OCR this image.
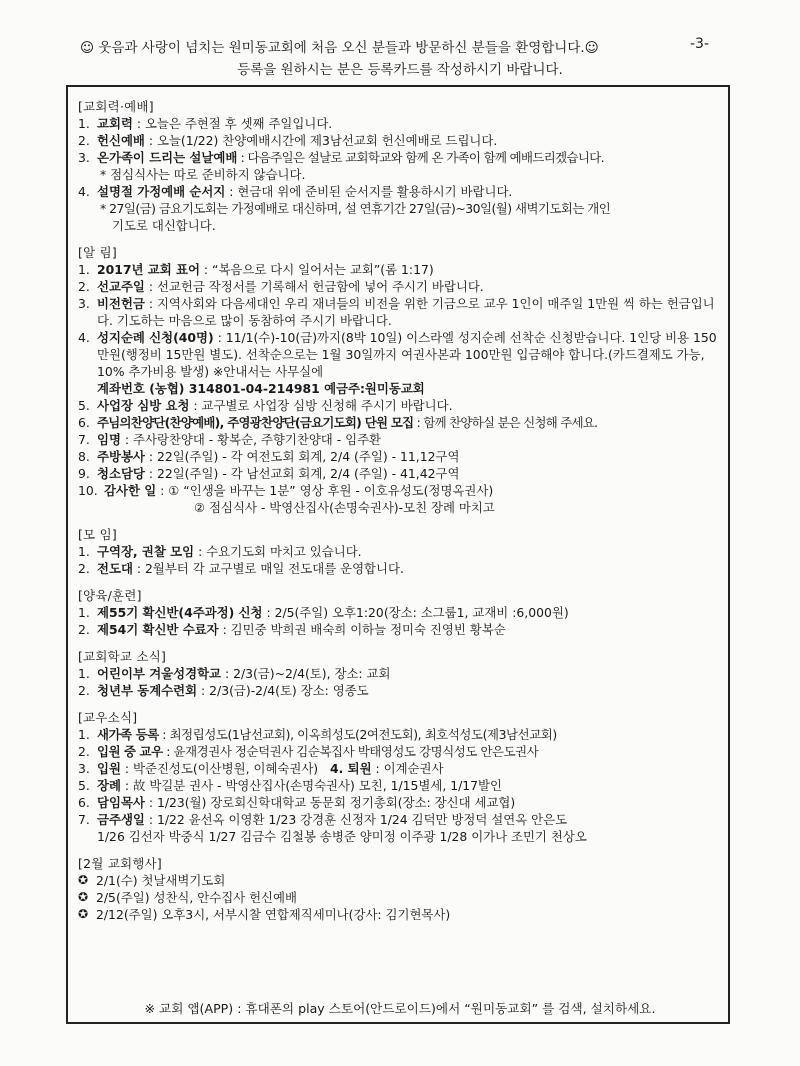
☺ 웃음과 사랑이 넘치는 원미동교회에 처음 오신 분들과 방문하신 분들을 환영합니다.☺	-3-
등록을 원하시는 분은 등록카드를 작성하시기 바랍니다.
[교회력·예배]
1. 교회력 : 오늘은 주현절 후 셋째 주일입니다.
2. 헌신예배 : 오늘(1/22) 찬양예배시간에 제3남선교회 헌신예배로 드립니다.
3. 온가족이 드리는 설날예배 : 다음주일은 설날로 교회학교와 함께 온 가족이 함께 예배드리겠습니다.
* 점심식사는 따로 준비하지 않습니다.
4. 설명절 가정예배 순서지 : 현금대 위에 준비된 순서지를 활용하시기 바랍니다.
* 27일(금) 금요기도회는 가정예배로 대신하며, 설 연휴기간 27일(금)~30일(월) 새벽기도회는 개인
기도로 대신합니다.
[알 림]
1. 2017년 교회 표어 : “복음으로 다시 일어서는 교회”(롬 1:17)
2. 선교주일 : 선교헌금 작정서를 기록해서 헌금함에 넣어 주시기 바랍니다.
3. 비전헌금 : 지역사회와 다음세대인 우리 재녀들의 비전을 위한 기금으로 교우 1인이 매주일 1만원 씩 하는 헌금입니다. 기도하는 마음으로 많이 동참하여 주시기 바랍니다.
4. 성지순례 신청(40명) : 11/1(수)-10(금)까지(8박 10일) 이스라엘 성지순례 선착순 신청받습니다. 1인당 비용 150만원(행정비 15만원 별도). 선착순으로는 1월 30일까지 여권사본과 100만원 입금해야 합니다.(카드결제도 가능, 10% 추가비용 발생) ※안내서는 사무실에
계좌번호 (농협) 314801-04-214981 예금주:원미동교회
5. 사업장 심방 요청 : 교구별로 사업장 심방 신청해 주시기 바랍니다.
6. 주님의찬양단(찬양예배), 주영광찬양단(금요기도회) 단원 모집 : 함께 찬양하실 분은 신청해 주세요.
7. 임명 : 주사랑찬양대 - 황복순, 주향기찬양대 - 임주환
8. 주방봉사 : 22일(주일) - 각 여전도회 회계, 2/4 (주일) - 11,12구역
9. 청소담당 : 22일(주일) - 각 남선교회 회계, 2/4 (주일) - 41,42구역
10. 감사한 일 : ① “인생을 바꾸는 1분” 영상 후원 - 이호유성도(정명옥권사)
② 점심식사 - 박영산집사(손명숙권사)-모친 장례 마치고
[모 임]
1. 구역장, 권찰 모임 : 수요기도회 마치고 있습니다.
2. 전도대 : 2월부터 각 교구별로 매일 전도대를 운영합니다.
[양육/훈련]
1. 제55기 확신반(4주과정) 신청 : 2/5(주일) 오후1:20(장소: 소그룹1, 교재비 :6,000원)
2. 제54기 확신반 수료자 : 김민중 박희권 배숙희 이하늘 정미숙 진영빈 황복순
[교회학교 소식]
1. 어린이부 겨울성경학교 : 2/3(금)~2/4(토), 장소: 교회
2. 청년부 동계수련회 : 2/3(금)-2/4(토) 장소: 영종도
[교우소식]
1. 새가족 등록 : 최정립성도(1남선교회), 이옥희성도(2여전도회), 최호석성도(제3남선교회)
2. 입원 중 교우 : 윤재경권사 정순덕권사 김순복집사 박태영성도 강명식성도 안은도권사
3. 입원 : 박준진성도(이산병원, 이혜숙권사) 4. 퇴원 : 이계순권사
5. 장례 : 故 박길분 권사 - 박영산집사(손명숙권사) 모친, 1/15별세, 1/17발인
6. 담임목사 : 1/23(월) 장로회신학대학교 동문회 정기총회(장소: 장신대 세교협)
7. 금주생일 : 1/22 윤선옥 이영환 1/23 강경훈 신정자 1/24 김덕만 방정덕 설연옥 안은도
1/26 김선자 박중식 1/27 김금수 김철봉 송병준 양미정 이주광 1/28 이가나 조민기 천상오
[2월 교회행사]
✪ 2/1(수) 첫날새벽기도회
✪ 2/5(주일) 성찬식, 안수집사 헌신예배
✪ 2/12(주일) 오후3시, 서부시찰 연합제직세미나(강사: 김기현목사)
※ 교회 앱(APP) : 휴대폰의 play 스토어(안드로이드)에서 “원미동교회” 를 검색, 설치하세요.
